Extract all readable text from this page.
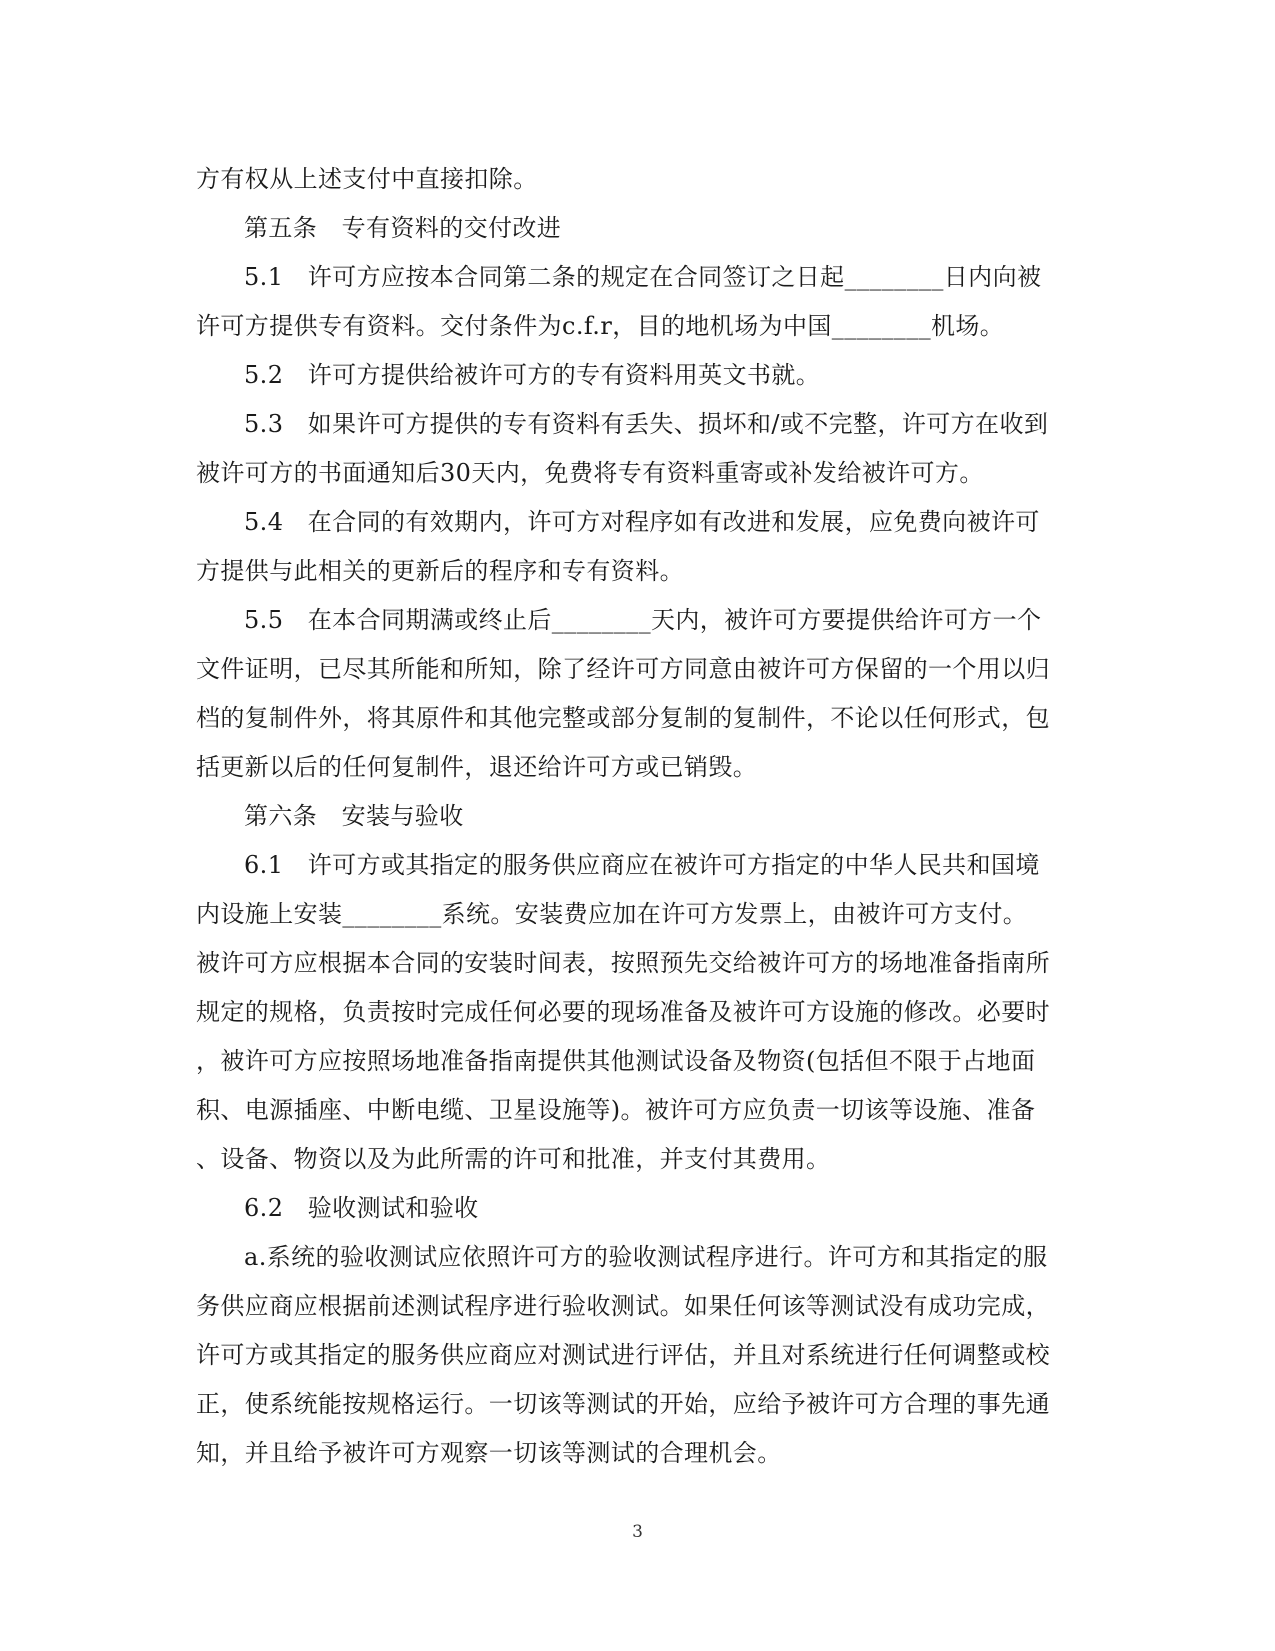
方有权从上述支付中直接扣除。
第五条　专有资料的交付改进
5.1　许可方应按本合同第二条的规定在合同签订之日起________日内向被
许可方提供专有资料。交付条件为c.f.r，目的地机场为中国________机场。
5.2　许可方提供给被许可方的专有资料用英文书就。
5.3　如果许可方提供的专有资料有丢失、损坏和/或不完整，许可方在收到
被许可方的书面通知后30天内，免费将专有资料重寄或补发给被许可方。
5.4　在合同的有效期内，许可方对程序如有改进和发展，应免费向被许可
方提供与此相关的更新后的程序和专有资料。
5.5　在本合同期满或终止后________天内，被许可方要提供给许可方一个
文件证明，已尽其所能和所知，除了经许可方同意由被许可方保留的一个用以归
档的复制件外，将其原件和其他完整或部分复制的复制件，不论以任何形式，包
括更新以后的任何复制件，退还给许可方或已销毁。
第六条　安装与验收
6.1　许可方或其指定的服务供应商应在被许可方指定的中华人民共和国境
内设施上安装________系统。安装费应加在许可方发票上，由被许可方支付。
被许可方应根据本合同的安装时间表，按照预先交给被许可方的场地准备指南所
规定的规格，负责按时完成任何必要的现场准备及被许可方设施的修改。必要时
，被许可方应按照场地准备指南提供其他测试设备及物资(包括但不限于占地面
积、电源插座、中断电缆、卫星设施等)。被许可方应负责一切该等设施、准备
、设备、物资以及为此所需的许可和批准，并支付其费用。
6.2　验收测试和验收
a.系统的验收测试应依照许可方的验收测试程序进行。许可方和其指定的服
务供应商应根据前述测试程序进行验收测试。如果任何该等测试没有成功完成，
许可方或其指定的服务供应商应对测试进行评估，并且对系统进行任何调整或校
正，使系统能按规格运行。一切该等测试的开始，应给予被许可方合理的事先通
知，并且给予被许可方观察一切该等测试的合理机会。
3
